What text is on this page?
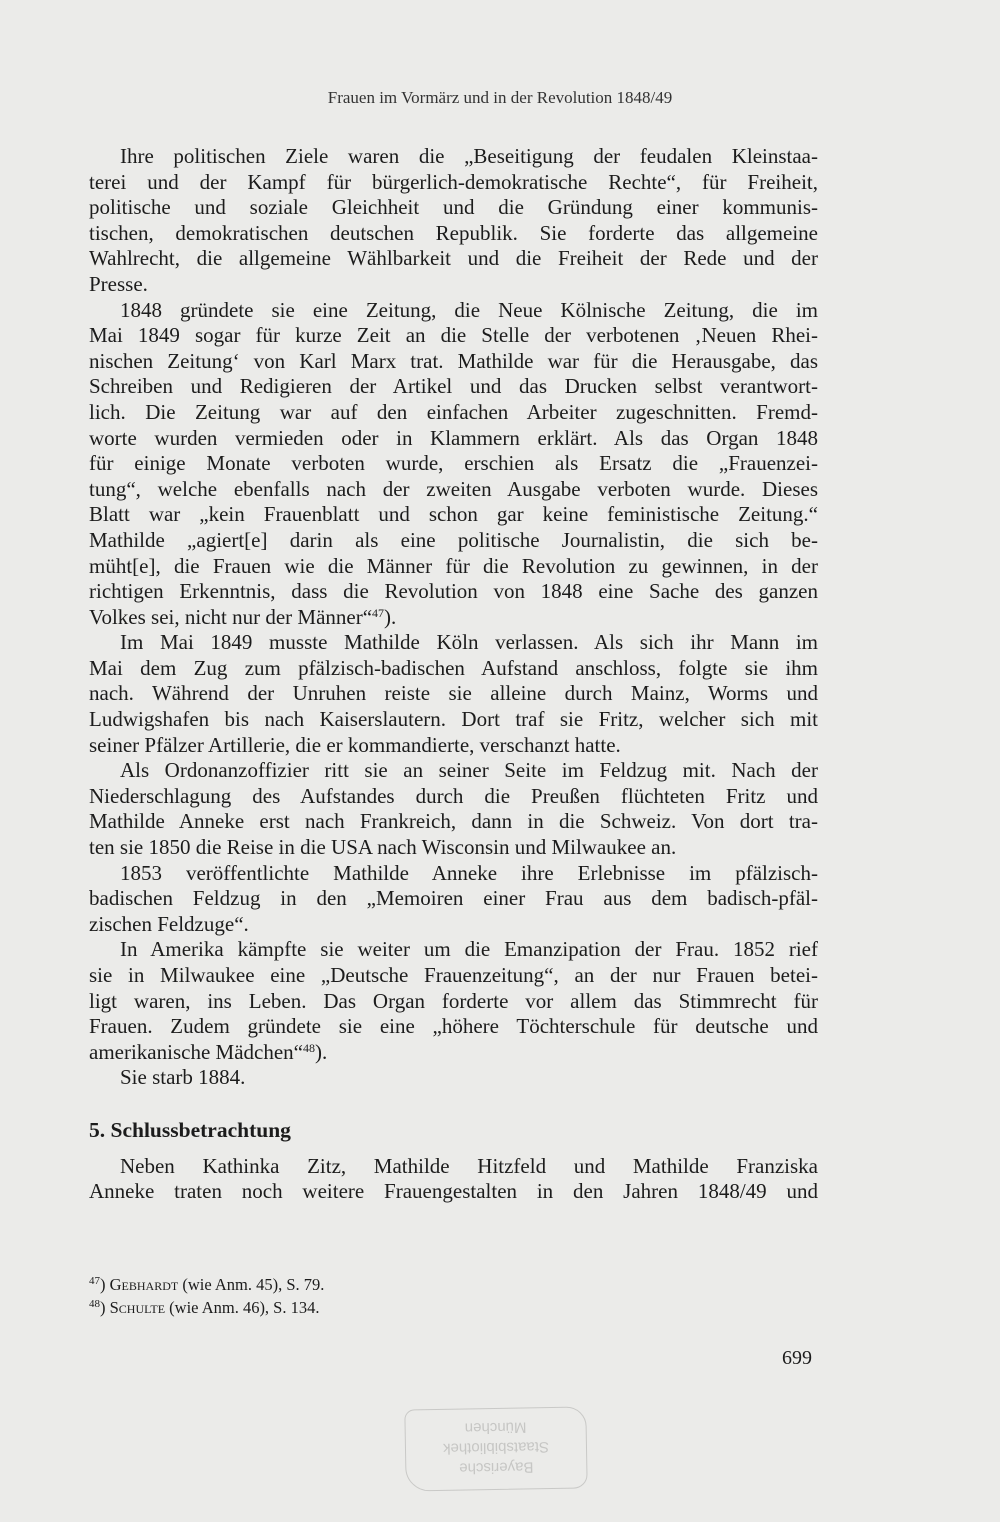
Frauen im Vormärz und in der Revolution 1848/49
Ihre politischen Ziele waren die „Beseitigung der feudalen Kleinstaa-
terei und der Kampf für bürgerlich-demokratische Rechte“, für Freiheit,
politische und soziale Gleichheit und die Gründung einer kommunis-
tischen, demokratischen deutschen Republik. Sie forderte das allgemeine
Wahlrecht, die allgemeine Wählbarkeit und die Freiheit der Rede und der
Presse.
1848 gründete sie eine Zeitung, die Neue Kölnische Zeitung, die im
Mai 1849 sogar für kurze Zeit an die Stelle der verbotenen ‚Neuen Rhei-
nischen Zeitung‘ von Karl Marx trat. Mathilde war für die Herausgabe, das
Schreiben und Redigieren der Artikel und das Drucken selbst verantwort-
lich. Die Zeitung war auf den einfachen Arbeiter zugeschnitten. Fremd-
worte wurden vermieden oder in Klammern erklärt. Als das Organ 1848
für einige Monate verboten wurde, erschien als Ersatz die „Frauenzei-
tung“, welche ebenfalls nach der zweiten Ausgabe verboten wurde. Dieses
Blatt war „kein Frauenblatt und schon gar keine feministische Zeitung.“
Mathilde „agiert[e] darin als eine politische Journalistin, die sich be-
müht[e], die Frauen wie die Männer für die Revolution zu gewinnen, in der
richtigen Erkenntnis, dass die Revolution von 1848 eine Sache des ganzen
Volkes sei, nicht nur der Männer“$^{47}$).
Im Mai 1849 musste Mathilde Köln verlassen. Als sich ihr Mann im
Mai dem Zug zum pfälzisch-badischen Aufstand anschloss, folgte sie ihm
nach. Während der Unruhen reiste sie alleine durch Mainz, Worms und
Ludwigshafen bis nach Kaiserslautern. Dort traf sie Fritz, welcher sich mit
seiner Pfälzer Artillerie, die er kommandierte, verschanzt hatte.
Als Ordonanzoffizier ritt sie an seiner Seite im Feldzug mit. Nach der
Niederschlagung des Aufstandes durch die Preußen flüchteten Fritz und
Mathilde Anneke erst nach Frankreich, dann in die Schweiz. Von dort tra-
ten sie 1850 die Reise in die USA nach Wisconsin und Milwaukee an.
1853 veröffentlichte Mathilde Anneke ihre Erlebnisse im pfälzisch-
badischen Feldzug in den „Memoiren einer Frau aus dem badisch-pfäl-
zischen Feldzuge“.
In Amerika kämpfte sie weiter um die Emanzipation der Frau. 1852 rief
sie in Milwaukee eine „Deutsche Frauenzeitung“, an der nur Frauen betei-
ligt waren, ins Leben. Das Organ forderte vor allem das Stimmrecht für
Frauen. Zudem gründete sie eine „höhere Töchterschule für deutsche und
amerikanische Mädchen“$^{48}$).
Sie starb 1884.
5. Schlussbetrachtung
Neben Kathinka Zitz, Mathilde Hitzfeld und Mathilde Franziska
Anneke traten noch weitere Frauengestalten in den Jahren 1848/49 und
$^{47}$) Gebhardt (wie Anm. 45), S. 79.
$^{48}$) Schulte (wie Anm. 46), S. 134.
699
München
Staatsbibliothek
Bayerische
